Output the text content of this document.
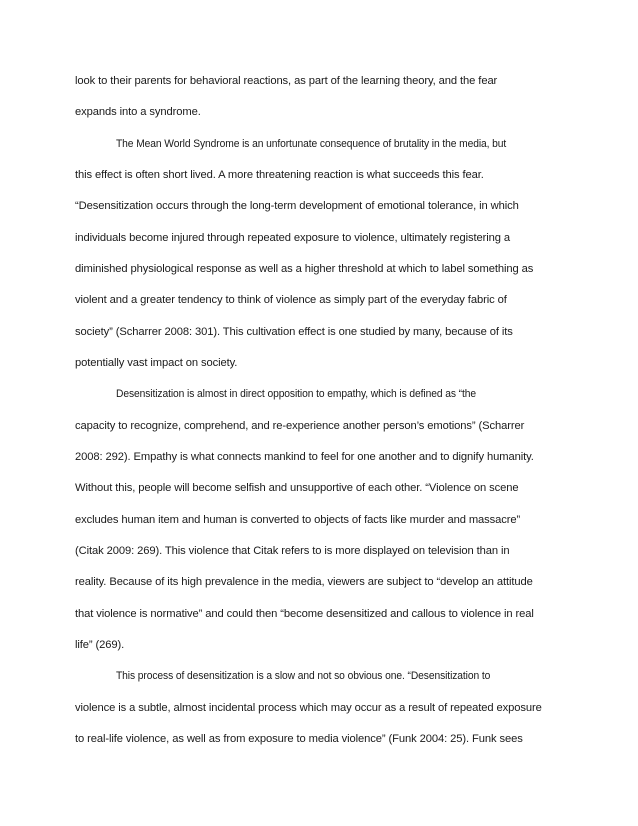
look to their parents for behavioral reactions, as part of the learning theory, and the fear
expands into a syndrome.
The Mean World Syndrome is an unfortunate consequence of brutality in the media, but
this effect is often short lived. A more threatening reaction is what succeeds this fear.
“Desensitization occurs through the long-term development of emotional tolerance, in which
individuals become injured through repeated exposure to violence, ultimately registering a
diminished physiological response as well as a higher threshold at which to label something as
violent and a greater tendency to think of violence as simply part of the everyday fabric of
society” (Scharrer 2008: 301). This cultivation effect is one studied by many, because of its
potentially vast impact on society.
Desensitization is almost in direct opposition to empathy, which is defined as “the
capacity to recognize, comprehend, and re-experience another person’s emotions” (Scharrer
2008: 292). Empathy is what connects mankind to feel for one another and to dignify humanity.
Without this, people will become selfish and unsupportive of each other. “Violence on scene
excludes human item and human is converted to objects of facts like murder and massacre”
(Citak 2009: 269). This violence that Citak refers to is more displayed on television than in
reality. Because of its high prevalence in the media, viewers are subject to “develop an attitude
that violence is normative” and could then “become desensitized and callous to violence in real
life” (269).
This process of desensitization is a slow and not so obvious one. “Desensitization to
violence is a subtle, almost incidental process which may occur as a result of repeated exposure
to real-life violence, as well as from exposure to media violence” (Funk 2004: 25). Funk sees
